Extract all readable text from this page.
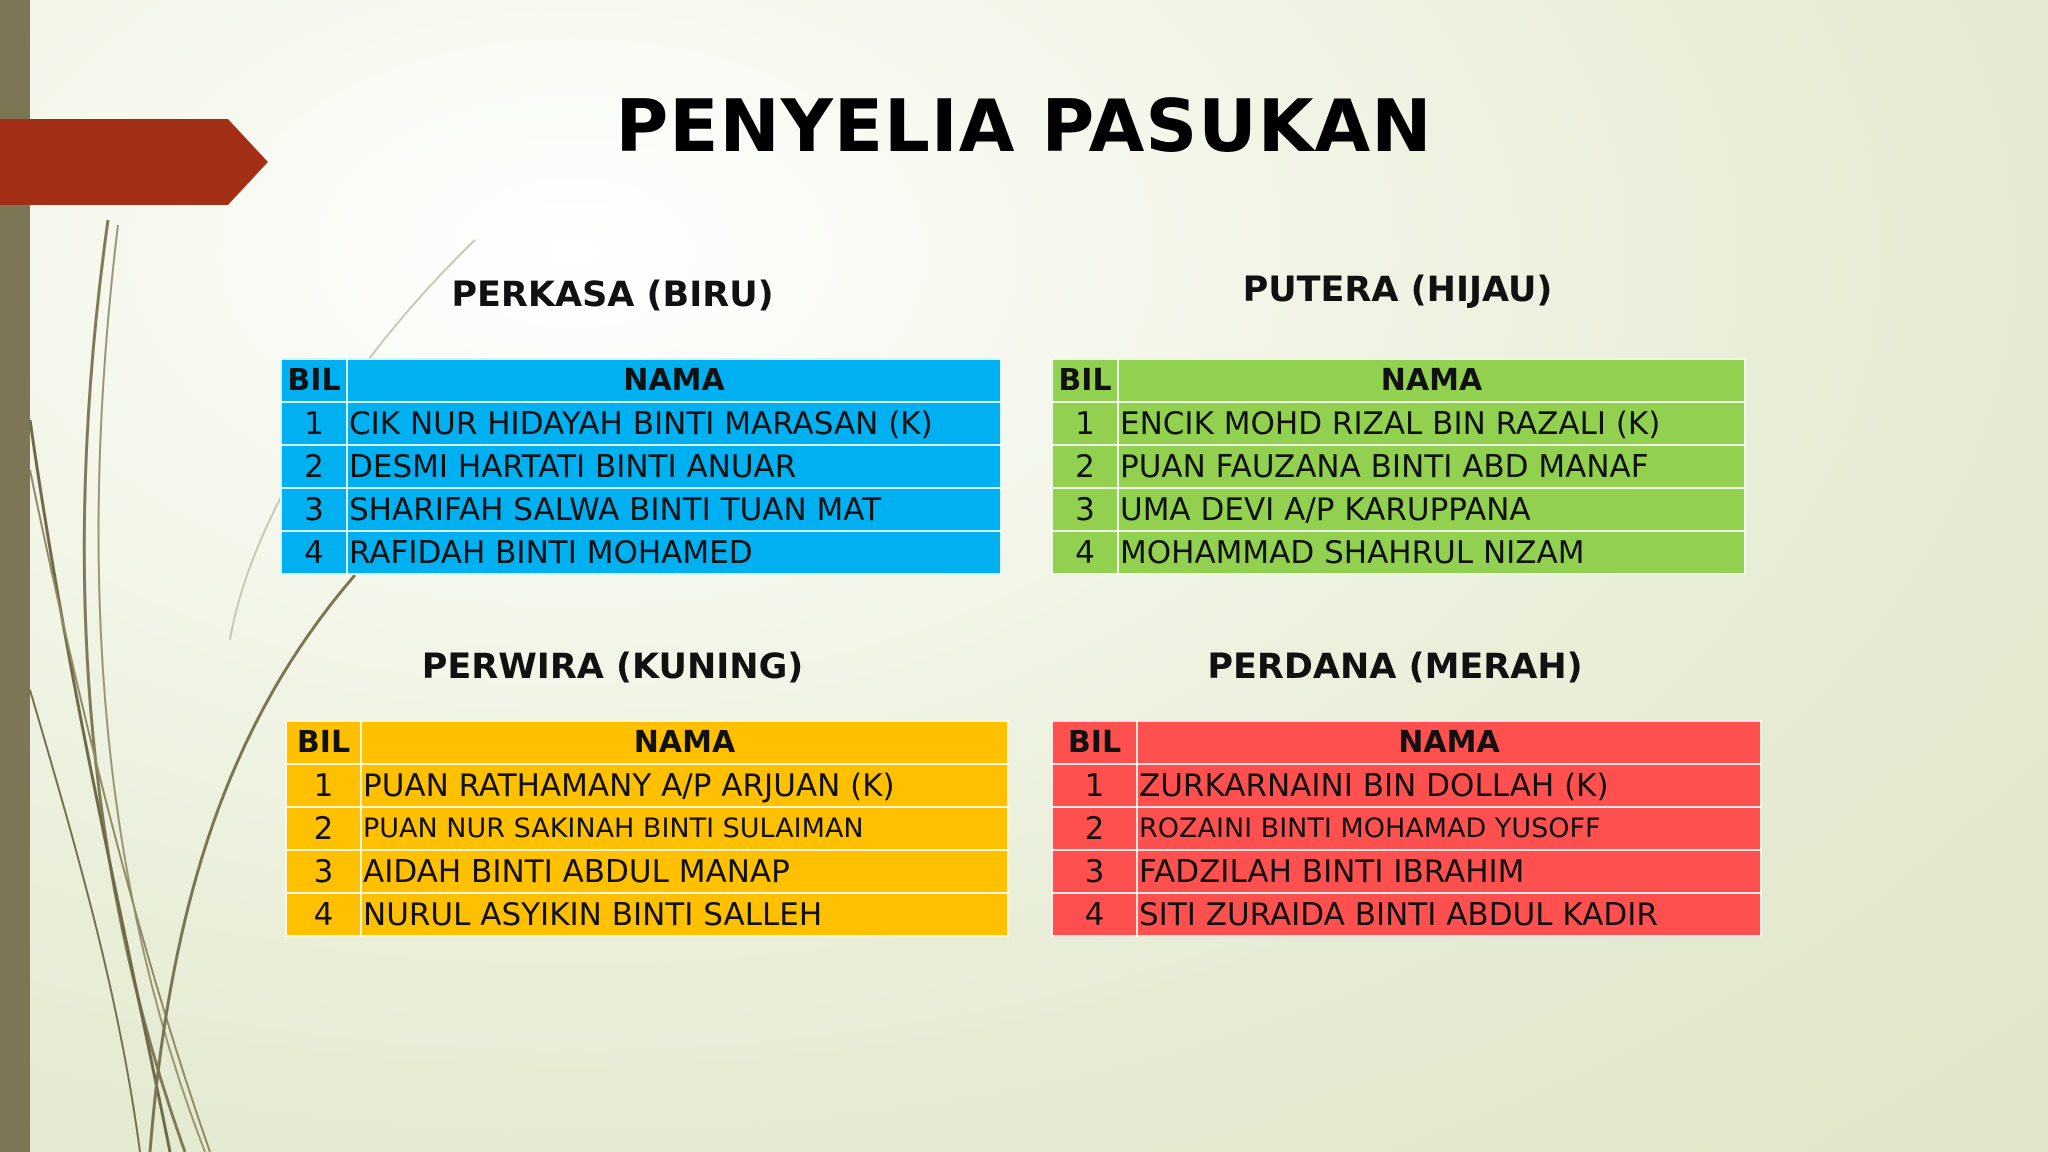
PENYELIA PASUKAN
PERKASA (BIRU)
BIL	NAMA
1	CIK NUR HIDAYAH BINTI MARASAN (K)
2	DESMI HARTATI BINTI ANUAR
3	SHARIFAH SALWA BINTI TUAN MAT
4	RAFIDAH BINTI MOHAMED
PUTERA (HIJAU)
BIL	NAMA
1	ENCIK MOHD RIZAL BIN RAZALI (K)
2	PUAN FAUZANA BINTI ABD MANAF
3	UMA DEVI A/P KARUPPANA
4	MOHAMMAD SHAHRUL NIZAM
PERWIRA (KUNING)
BIL	NAMA
1	PUAN RATHAMANY A/P ARJUAN (K)
2	PUAN NUR SAKINAH BINTI SULAIMAN
3	AIDAH BINTI ABDUL MANAP
4	NURUL ASYIKIN BINTI SALLEH
PERDANA (MERAH)
BIL	NAMA
1	ZURKARNAINI BIN DOLLAH (K)
2	ROZAINI BINTI MOHAMAD YUSOFF
3	FADZILAH BINTI IBRAHIM
4	SITI ZURAIDA BINTI ABDUL KADIR
